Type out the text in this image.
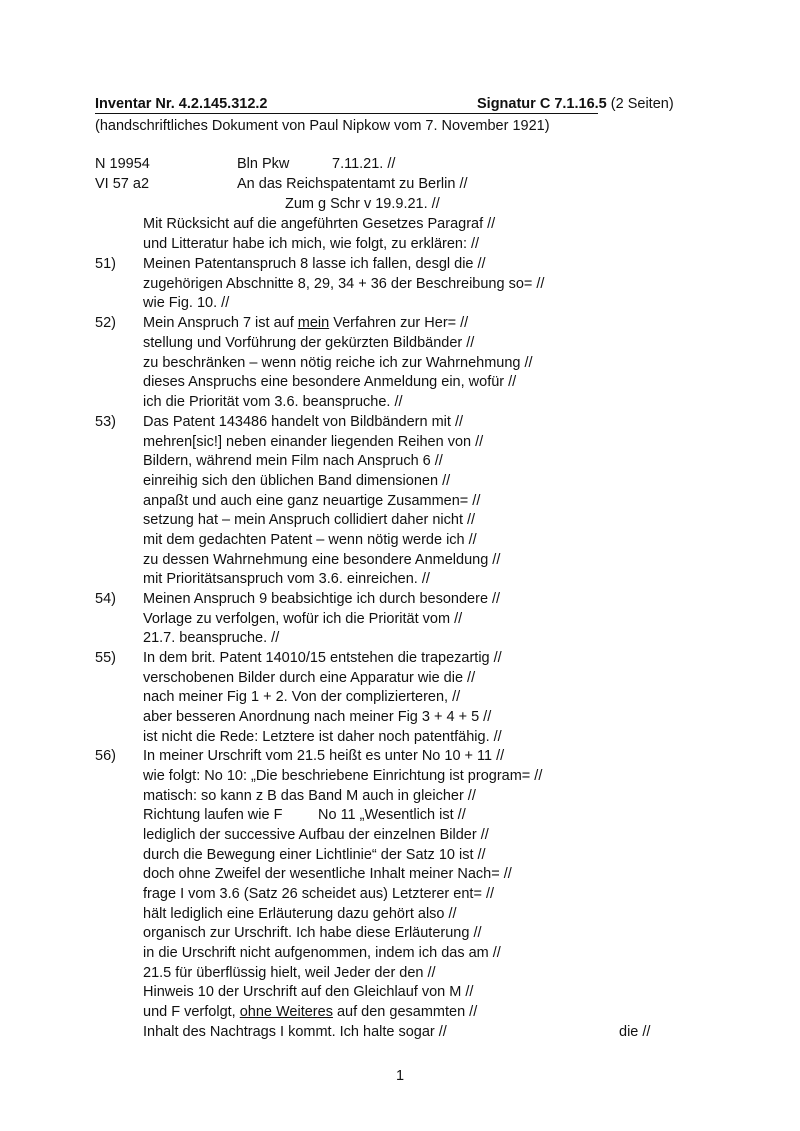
Inventar Nr. 4.2.145.312.2	Signatur C 7.1.16.5 (2 Seiten)
(handschriftliches Dokument von Paul Nipkow vom 7. November 1921)
N 19954	Bln Pkw	7.11.21. //
VI 57 a2	An das Reichspatentamt zu Berlin //
Zum g Schr v 19.9.21. //
Mit Rücksicht auf die angeführten Gesetzes Paragraf //
und Litteratur habe ich mich, wie folgt, zu erklären: //
51) Meinen Patentanspruch 8 lasse ich fallen, desgl die //
zugehörigen Abschnitte 8, 29, 34 + 36 der Beschreibung so= //
wie Fig. 10. //
52) Mein Anspruch 7 ist auf mein Verfahren zur Her= //
stellung und Vorführung der gekürzten Bildbänder //
zu beschränken – wenn nötig reiche ich zur Wahrnehmung //
dieses Anspruchs eine besondere Anmeldung ein, wofür //
ich die Priorität vom 3.6. beanspruche. //
53) Das Patent 143486 handelt von Bildbändern mit //
mehren[sic!] neben einander liegenden Reihen von //
Bildern, während mein Film nach Anspruch 6 //
einreihig sich den üblichen Band dimensionen //
anpaßt und auch eine ganz neuartige Zusammen= //
setzung hat – mein Anspruch collidiert daher nicht //
mit dem gedachten Patent – wenn nötig werde ich //
zu dessen Wahrnehmung eine besondere Anmeldung //
mit Prioritätsanspruch vom 3.6. einreichen. //
54) Meinen Anspruch 9 beabsichtige ich durch besondere //
Vorlage zu verfolgen, wofür ich die Priorität vom //
21.7. beanspruche. //
55) In dem brit. Patent 14010/15 entstehen die trapezartig //
verschobenen Bilder durch eine Apparatur wie die //
nach meiner Fig 1 + 2. Von der complizierteren, //
aber besseren Anordnung nach meiner Fig 3 + 4 + 5 //
ist nicht die Rede: Letztere ist daher noch patentfähig. //
56) In meiner Urschrift vom 21.5 heißt es unter No 10 + 11 //
wie folgt: No 10: „Die beschriebene Einrichtung ist program= //
matisch: so kann z B das Band M auch in gleicher //
Richtung laufen wie F No 11 „Wesentlich ist //
lediglich der successive Aufbau der einzelnen Bilder //
durch die Bewegung einer Lichtlinie“ der Satz 10 ist //
doch ohne Zweifel der wesentliche Inhalt meiner Nach= //
frage I vom 3.6 (Satz 26 scheidet aus) Letzterer ent= //
hält lediglich eine Erläuterung dazu gehört also //
organisch zur Urschrift. Ich habe diese Erläuterung //
in die Urschrift nicht aufgenommen, indem ich das am //
21.5 für überflüssig hielt, weil Jeder der den //
Hinweis 10 der Urschrift auf den Gleichlauf von M //
und F verfolgt, ohne Weiteres auf den gesammten //
Inhalt des Nachtrags I kommt. Ich halte sogar //	die //
1
